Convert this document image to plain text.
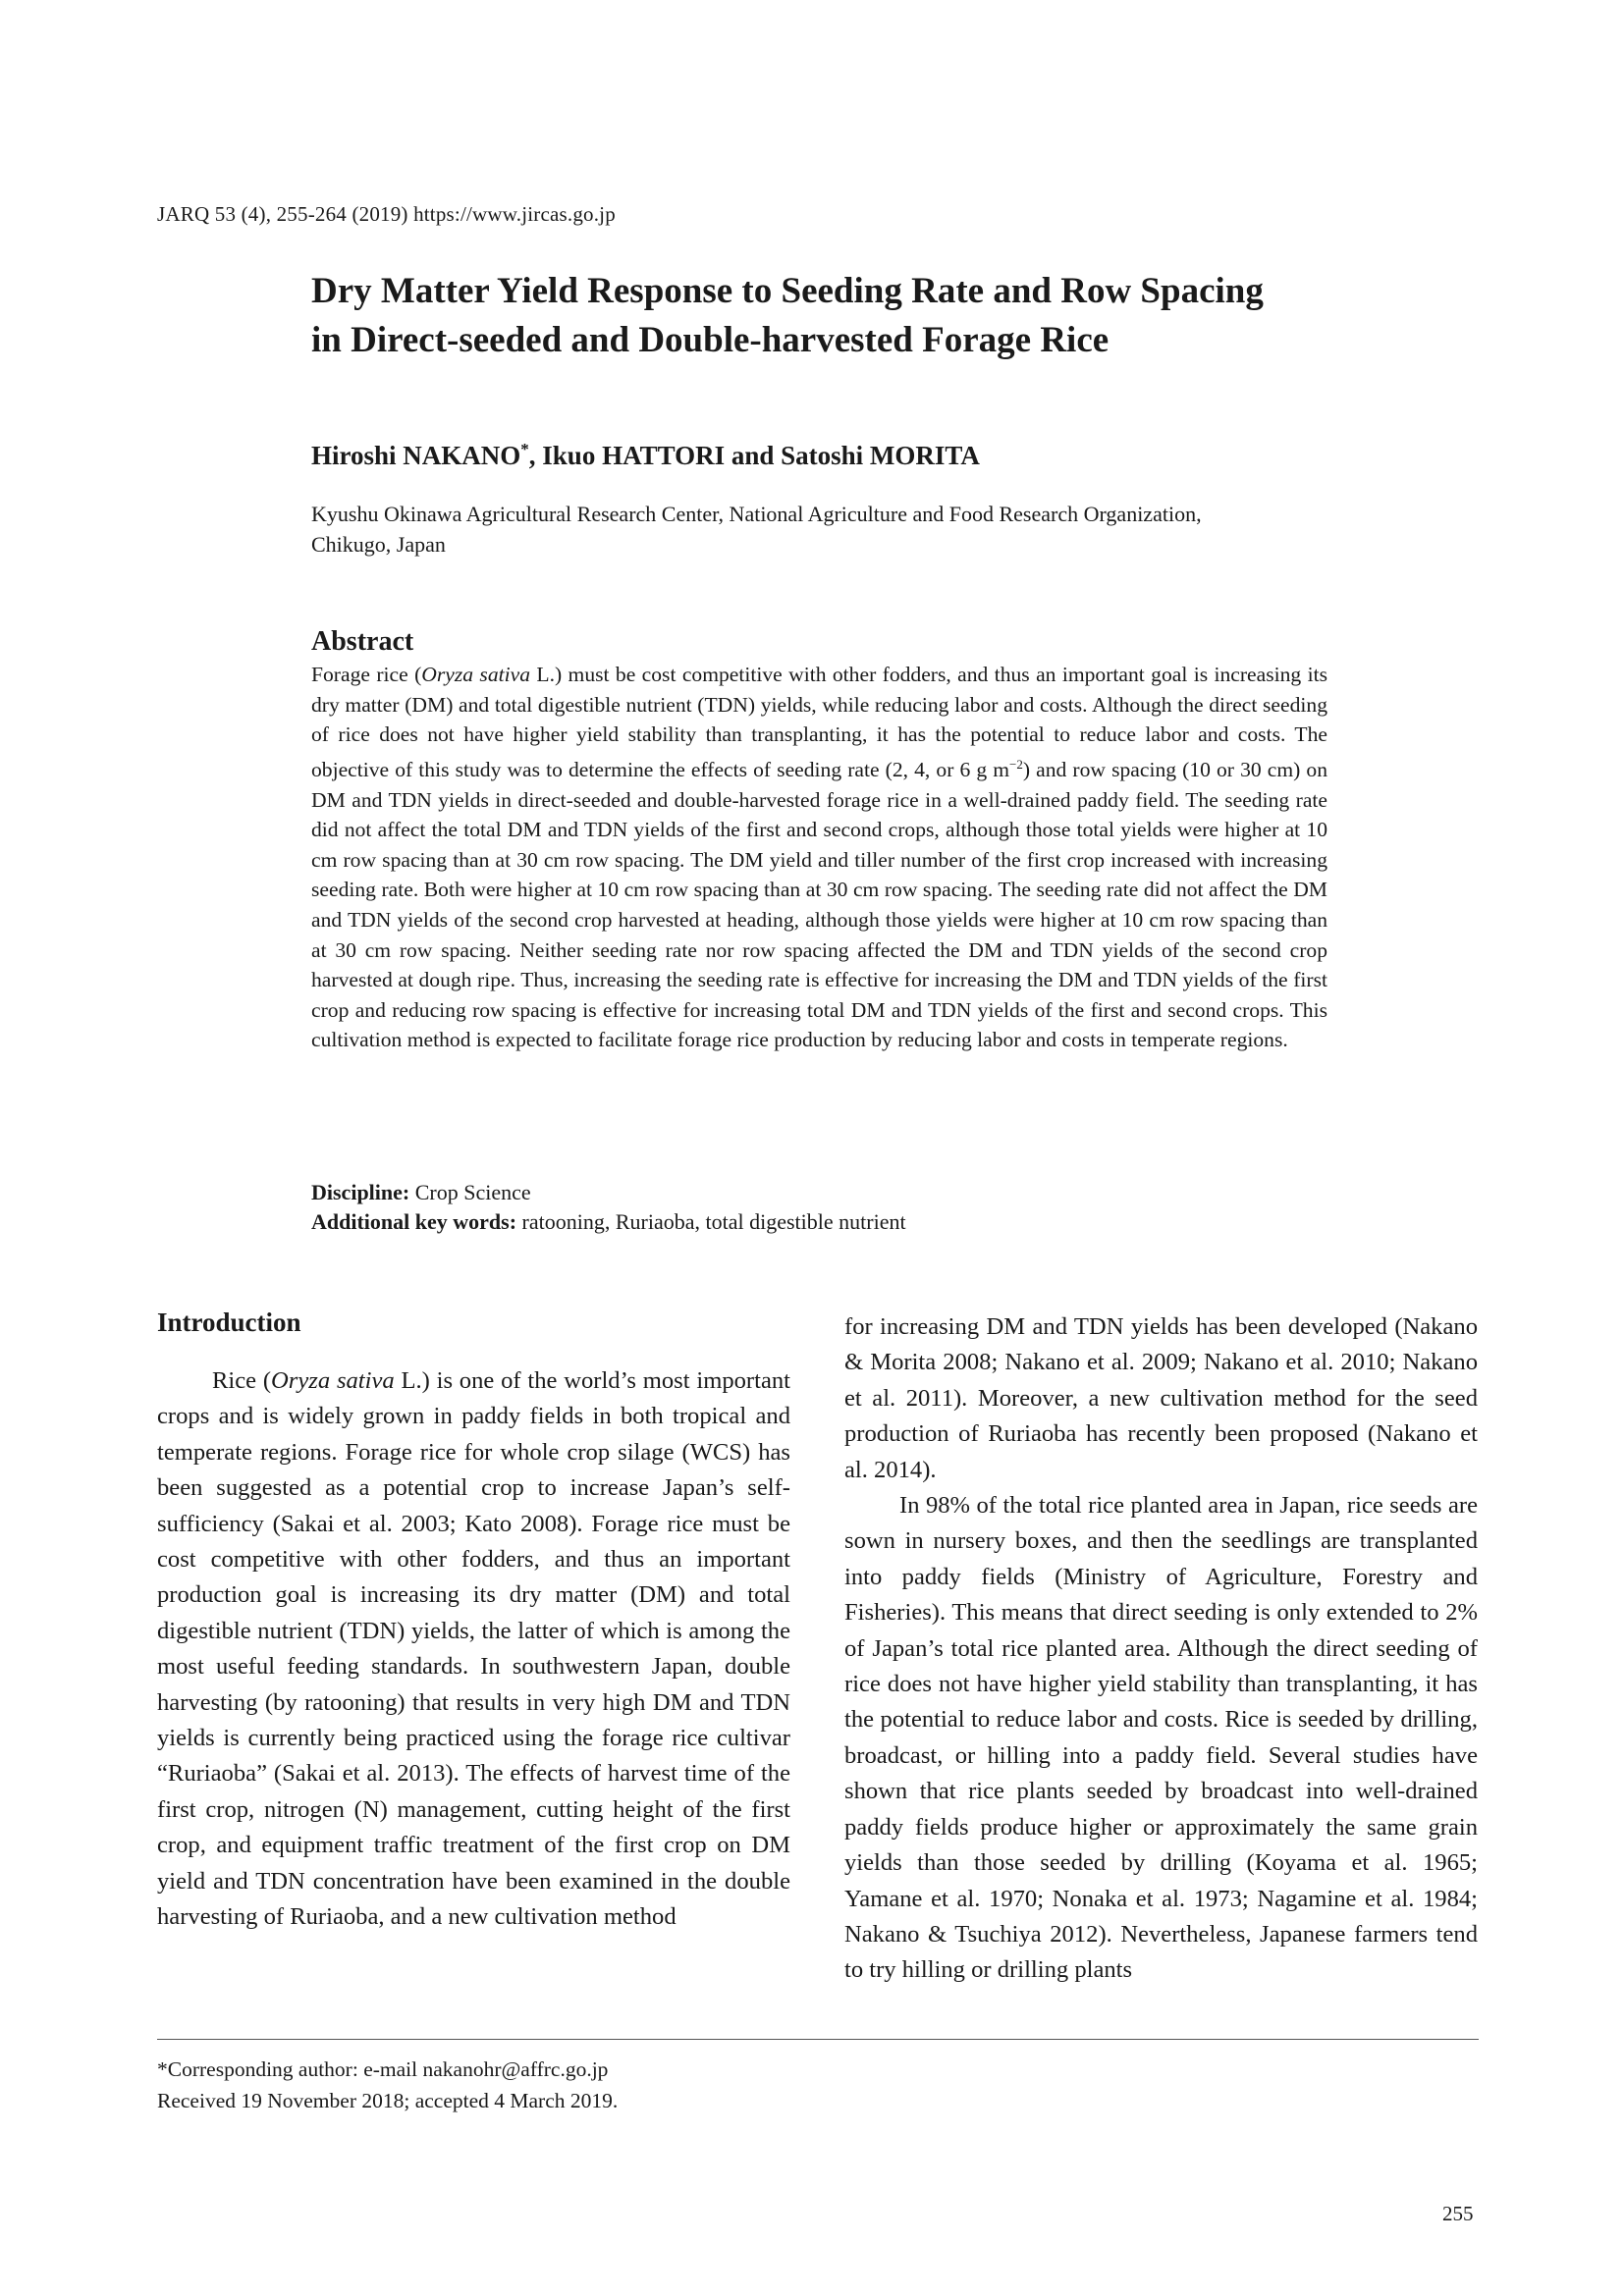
JARQ 53 (4), 255-264 (2019) https://www.jircas.go.jp
Dry Matter Yield Response to Seeding Rate and Row Spacing
in Direct-seeded and Double-harvested Forage Rice
Hiroshi NAKANO*, Ikuo HATTORI and Satoshi MORITA
Kyushu Okinawa Agricultural Research Center, National Agriculture and Food Research Organization,
Chikugo, Japan
Abstract
Forage rice (Oryza sativa L.) must be cost competitive with other fodders, and thus an important goal is increasing its dry matter (DM) and total digestible nutrient (TDN) yields, while reducing labor and costs. Although the direct seeding of rice does not have higher yield stability than transplanting, it has the potential to reduce labor and costs. The objective of this study was to determine the effects of seeding rate (2, 4, or 6 g $m^{-2}$) and row spacing (10 or 30 cm) on DM and TDN yields in direct-seeded and double-harvested forage rice in a well-drained paddy field. The seeding rate did not affect the total DM and TDN yields of the first and second crops, although those total yields were higher at 10 cm row spacing than at 30 cm row spacing. The DM yield and tiller number of the first crop increased with increasing seeding rate. Both were higher at 10 cm row spacing than at 30 cm row spacing. The seeding rate did not affect the DM and TDN yields of the second crop harvested at heading, although those yields were higher at 10 cm row spacing than at 30 cm row spacing. Neither seeding rate nor row spacing affected the DM and TDN yields of the second crop harvested at dough ripe. Thus, increasing the seeding rate is effective for increasing the DM and TDN yields of the first crop and reducing row spacing is effective for increasing total DM and TDN yields of the first and second crops. This cultivation method is expected to facilitate forage rice production by reducing labor and costs in temperate regions.
Discipline: Crop Science
Additional key words: ratooning, Ruriaoba, total digestible nutrient
Introduction

Rice (Oryza sativa L.) is one of the world’s most important crops and is widely grown in paddy fields in both tropical and temperate regions. Forage rice for whole crop silage (WCS) has been suggested as a potential crop to increase Japan’s self-sufficiency (Sakai et al. 2003; Kato 2008). Forage rice must be cost competitive with other fodders, and thus an important production goal is increasing its dry matter (DM) and total digestible nutrient (TDN) yields, the latter of which is among the most useful feeding standards. In southwestern Japan, double harvesting (by ratooning) that results in very high DM and TDN yields is currently being practiced using the forage rice cultivar “Ruriaoba” (Sakai et al. 2013). The effects of harvest time of the first crop, nitrogen (N) management, cutting height of the first crop, and equipment traffic treatment of the first crop on DM yield and TDN concentration have been examined in the double harvesting of Ruriaoba, and a new cultivation method

for increasing DM and TDN yields has been developed (Nakano & Morita 2008; Nakano et al. 2009; Nakano et al. 2010; Nakano et al. 2011). Moreover, a new cultivation method for the seed production of Ruriaoba has recently been proposed (Nakano et al. 2014).

In 98% of the total rice planted area in Japan, rice seeds are sown in nursery boxes, and then the seedlings are transplanted into paddy fields (Ministry of Agriculture, Forestry and Fisheries). This means that direct seeding is only extended to 2% of Japan’s total rice planted area. Although the direct seeding of rice does not have higher yield stability than transplanting, it has the potential to reduce labor and costs. Rice is seeded by drilling, broadcast, or hilling into a paddy field. Several studies have shown that rice plants seeded by broadcast into well-drained paddy fields produce higher or approximately the same grain yields than those seeded by drilling (Koyama et al. 1965; Yamane et al. 1970; Nonaka et al. 1973; Nagamine et al. 1984; Nakano & Tsuchiya 2012). Nevertheless, Japanese farmers tend to try hilling or drilling plants

*Corresponding author: e-mail nakanohr@affrc.go.jp
Received 19 November 2018; accepted 4 March 2019.
255
